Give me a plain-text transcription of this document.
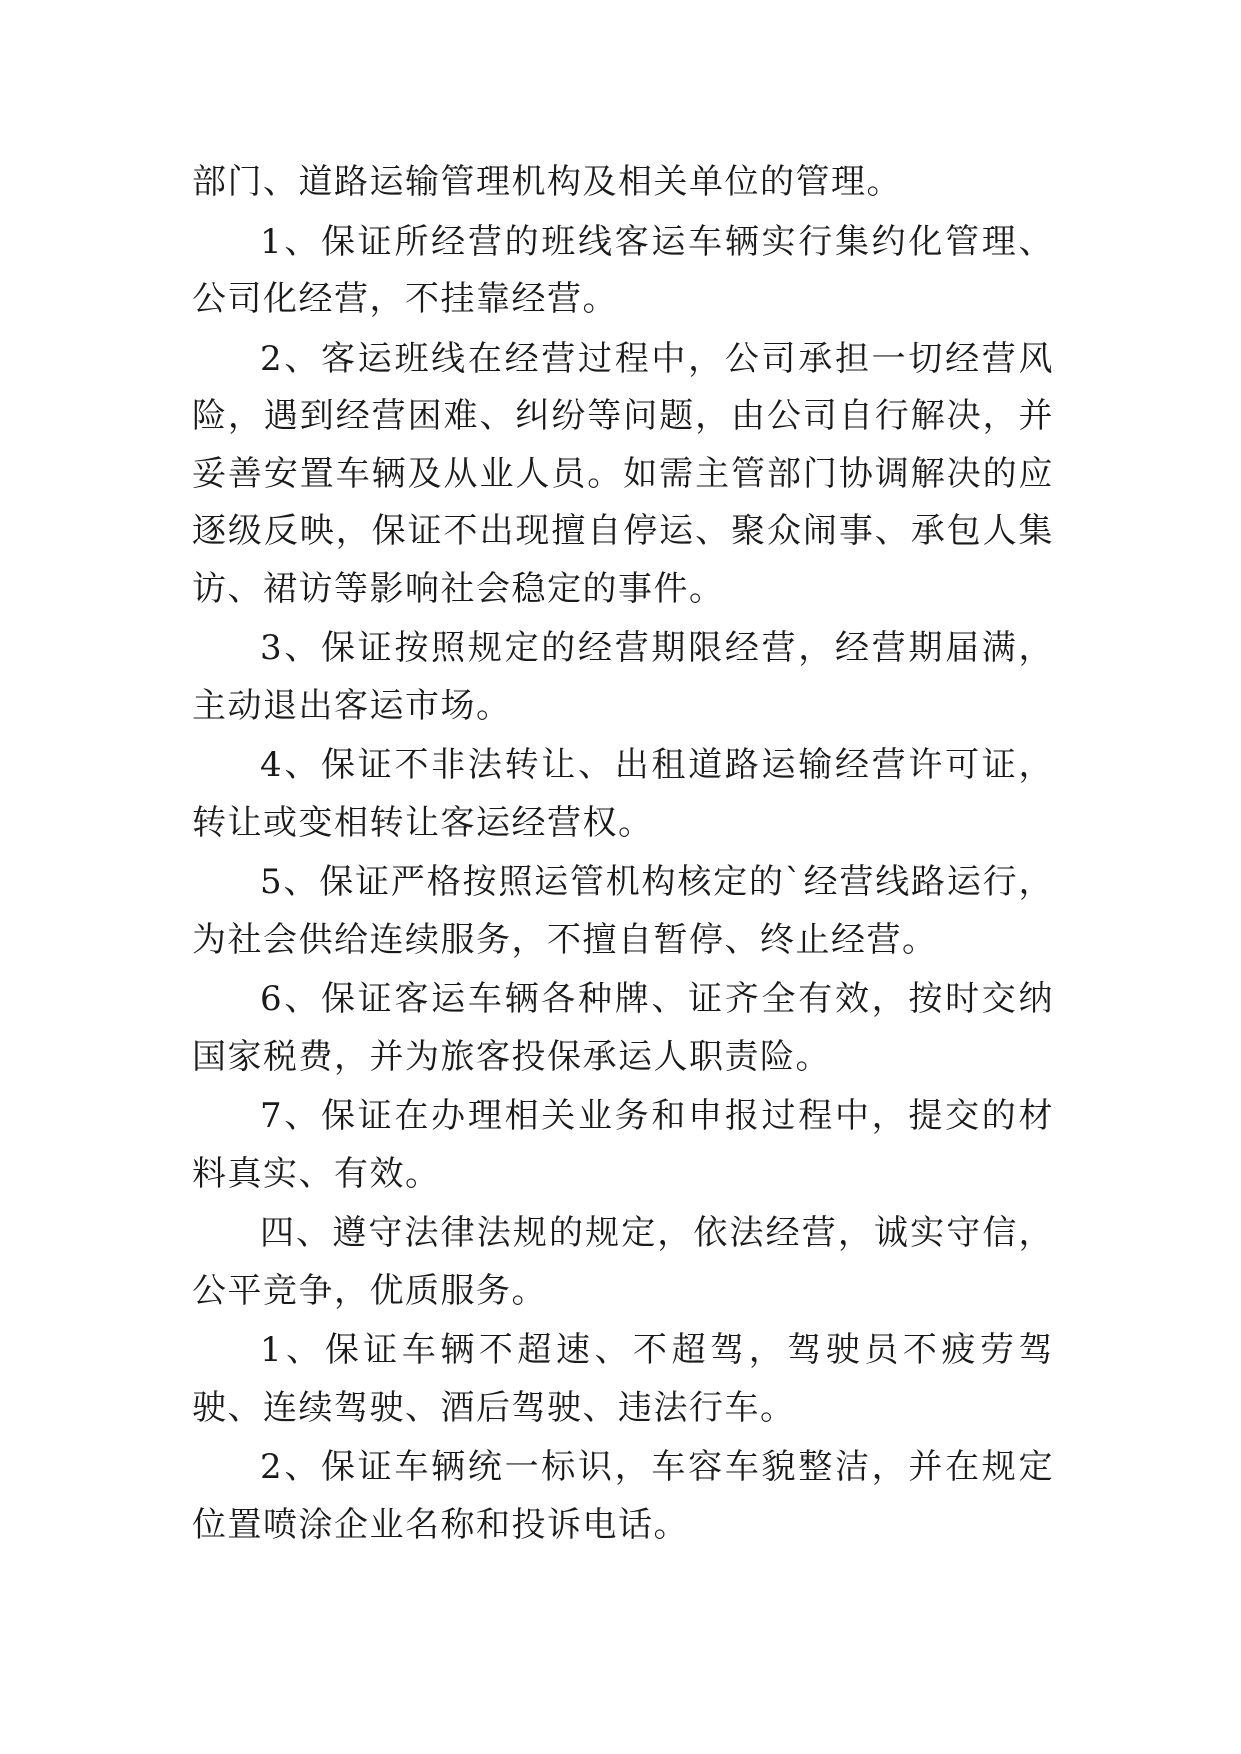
部门、道路运输管理机构及相关单位的管理。

1、保证所经营的班线客运车辆实行集约化管理、公司化经营，不挂靠经营。

2、客运班线在经营过程中，公司承担一切经营风险，遇到经营困难、纠纷等问题，由公司自行解决，并妥善安置车辆及从业人员。如需主管部门协调解决的应逐级反映，保证不出现擅自停运、聚众闹事、承包人集访、裙访等影响社会稳定的事件。

3、保证按照规定的经营期限经营，经营期届满，主动退出客运市场。

4、保证不非法转让、出租道路运输经营许可证，转让或变相转让客运经营权。

5、保证严格按照运管机构核定的`经营线路运行，为社会供给连续服务，不擅自暂停、终止经营。

6、保证客运车辆各种牌、证齐全有效，按时交纳国家税费，并为旅客投保承运人职责险。

7、保证在办理相关业务和申报过程中，提交的材料真实、有效。

四、遵守法律法规的规定，依法经营，诚实守信，公平竞争，优质服务。

1、保证车辆不超速、不超驾，驾驶员不疲劳驾驶、连续驾驶、酒后驾驶、违法行车。

2、保证车辆统一标识，车容车貌整洁，并在规定位置喷涂企业名称和投诉电话。
